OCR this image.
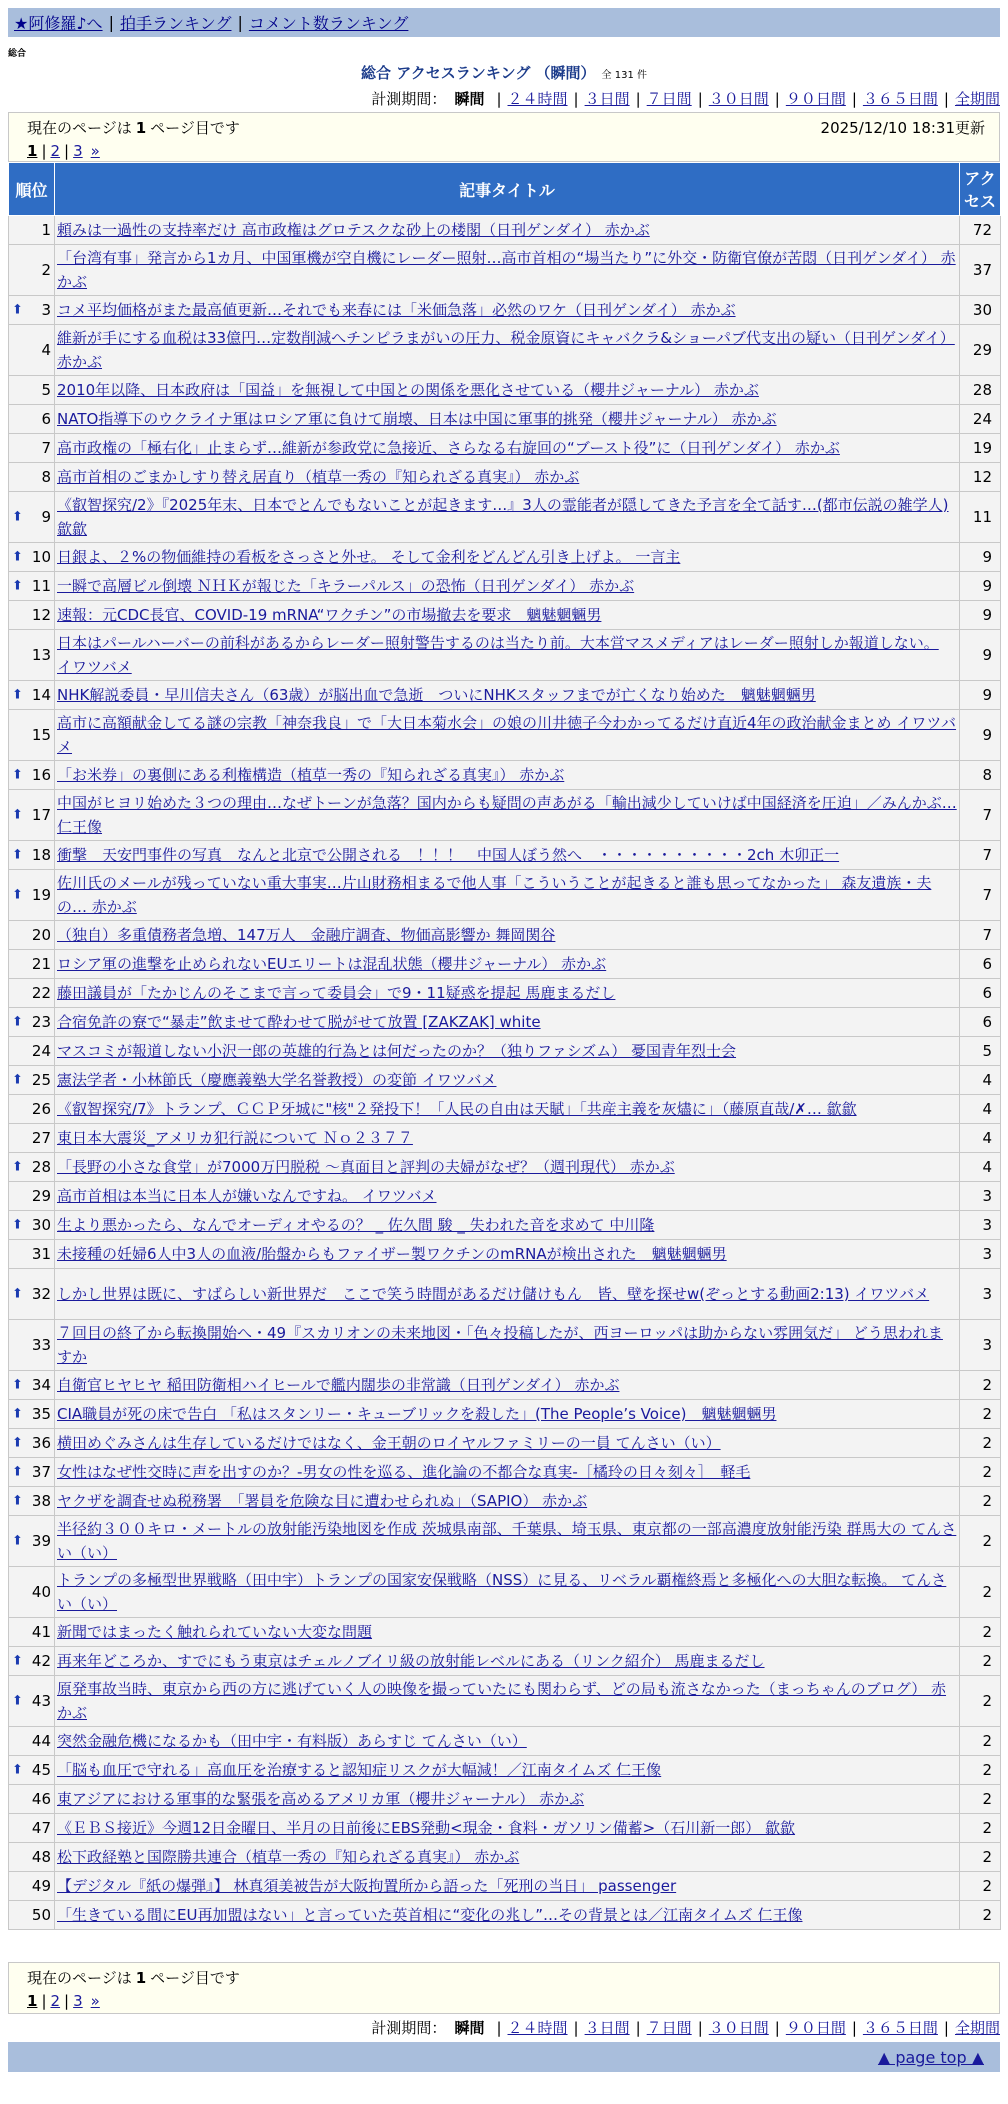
★阿修羅♪へ | 拍手ランキング | コメント数ランキング
総合
総合 アクセスランキング （瞬間） 全 131 件
計測期間： 瞬間 | ２４時間 | ３日間 | ７日間 | ３０日間 | ９０日間 | ３６５日間 | 全期間
現在のページは 1 ページ目です	2025/12/10 18:31更新
1 | 2 | 3 »
順位	記事タイトル	アクセス
1	頼みは一過性の支持率だけ 高市政権はグロテスクな砂上の楼閣（日刊ゲンダイ） 赤かぶ	72
2	「台湾有事」発言から1カ月、中国軍機が空自機にレーダー照射…高市首相の“場当たり”に外交・防衛官僚が苦悶（日刊ゲンダイ） 赤かぶ	37

⬆ 3	コメ平均価格がまた最高値更新…それでも来春には「米価急落」必然のワケ（日刊ゲンダイ） 赤かぶ	30
4	維新が手にする血税は33億円…定数削減へチンピラまがいの圧力、税金原資にキャバクラ&ショーパブ代支出の疑い（日刊ゲンダイ） 赤かぶ	29
5	2010年以降、日本政府は「国益」を無視して中国との関係を悪化させている（櫻井ジャーナル） 赤かぶ	28
6	NATO指導下のウクライナ軍はロシア軍に負けて崩壊、日本は中国に軍事的挑発（櫻井ジャーナル） 赤かぶ	24
7	高市政権の「極右化」止まらず…維新が参政党に急接近、さらなる右旋回の“ブースト役”に（日刊ゲンダイ） 赤かぶ	19
8	高市首相のごまかしすり替え居直り（植草一秀の『知られざる真実』） 赤かぶ	12

⬆ 9	《叡智探究/2》『2025年末、日本でとんでもないことが起きます…』3人の霊能者が隠してきた予言を全て話す…(都市伝説の雑学人) 歙歙	11

⬆ 10	日銀よ、２%の物価維持の看板をさっさと外せ。 そして金利をどんどん引き上げよ。 一言主	9

⬆ 11	一瞬で高層ビル倒壊 ＮＨＫが報じた「キラーパルス」の恐怖（日刊ゲンダイ） 赤かぶ	9
12	速報：元CDC長官、COVID-19 mRNA“ワクチン”の市場撤去を要求　魑魅魍魎男	9
13	日本はパールハーバーの前科があるからレーダー照射警告するのは当たり前。大本営マスメディアはレーダー照射しか報道しない。 イワツバメ	9

⬆ 14	NHK解説委員・早川信夫さん（63歳）が脳出血で急逝　ついにNHKスタッフまでが亡くなり始めた　魑魅魍魎男	9
15	高市に高額献金してる謎の宗教「神奈我良」で「大日本菊水会」の娘の川井徳子今わかってるだけ直近4年の政治献金まとめ イワツバメ	9

⬆ 16	「お米券」の裏側にある利権構造（植草一秀の『知られざる真実』） 赤かぶ	8

⬆ 17	中国がヒヨリ始めた３つの理由…なぜトーンが急落？国内からも疑問の声あがる「輸出減少していけば中国経済を圧迫」／みんかぶ… 仁王像	7

⬆ 18	衝撃　天安門事件の写真　なんと北京で公開される　！！！　中国人ぼう然へ　・・・・・・・・・・2ch 木卯正一	7

⬆ 19	佐川氏のメールが残っていない重大事実…片山財務相まるで他人事「こういうことが起きると誰も思ってなかった」 森友遺族・夫の… 赤かぶ	7
20	（独自）多重債務者急増、147万人　金融庁調査、物価高影響か 舞岡関谷	7
21	ロシア軍の進撃を止められないEUエリートは混乱状態（櫻井ジャーナル） 赤かぶ	6
22	藤田議員が「たかじんのそこまで言って委員会」で9・11疑惑を提起 馬鹿まるだし	6

⬆ 23	合宿免許の寮で“暴走”飲ませて酔わせて脱がせて放置 [ZAKZAK] white	6
24	マスコミが報道しない小沢一郎の英雄的行為とは何だったのか？（独りファシズム） 憂国青年烈士会	5

⬆ 25	憲法学者・小林節氏（慶應義塾大学名誉教授）の変節 イワツバメ	4
26	《叡智探究/7》トランプ、ＣＣＰ牙城に"核"２発投下！「人民の自由は天賦」「共産主義を灰燼に」（藤原直哉/✗… 歙歙	4
27	東日本大震災_アメリカ犯行説について Ｎｏ２３７７	4

⬆ 28	「長野の小さな食堂」が7000万円脱税 〜真面目と評判の夫婦がなぜ？（週刊現代） 赤かぶ	4
29	高市首相は本当に日本人が嫌いなんですね。 イワツバメ	3

⬆ 30	生より悪かったら、なんでオーディオやるの？ _ 佐久間 駿 _ 失われた音を求めて 中川隆	3
31	未接種の妊婦6人中3人の血液/胎盤からもファイザー製ワクチンのmRNAが検出された　魑魅魍魎男	3

⬆ 32	しかし世界は既に、すばらしい新世界だ　ここで笑う時間があるだけ儲けもん　皆、壁を探せw(ぞっとする動画2:13) イワツバメ	3
33	７回目の終了から転換開始へ・49『スカリオンの未来地図・「色々投稿したが、西ヨーロッパは助からない雰囲気だ」 どう思われますか	3

⬆ 34	自衛官ヒヤヒヤ 稲田防衛相ハイヒールで艦内闊歩の非常識（日刊ゲンダイ） 赤かぶ	2

⬆ 35	CIA職員が死の床で告白 「私はスタンリー・キューブリックを殺した」(The People’s Voice)　魑魅魍魎男	2

⬆ 36	横田めぐみさんは生存しているだけではなく、金王朝のロイヤルファミリーの一員 てんさい（い）	2

⬆ 37	女性はなぜ性交時に声を出すのか？-男女の性を巡る、進化論の不都合な真実-［橘玲の日々刻々］　軽毛	2

⬆ 38	ヤクザを調査せぬ税務署　「署員を危険な目に遭わせられぬ」（SAPIO） 赤かぶ	2

⬆ 39	半径約３００キロ・メートルの放射能汚染地図を作成 茨城県南部、千葉県、埼玉県、東京都の一部高濃度放射能汚染 群馬大の てんさい（い）	2
40	トランプの多極型世界戦略（田中宇）トランプの国家安保戦略（NSS）に見る、リベラル覇権終焉と多極化への大胆な転換。 てんさい（い）	2
41	新聞ではまったく触れられていない大変な問題	2

⬆ 42	再来年どころか、すでにもう東京はチェルノブイリ級の放射能レベルにある（リンク紹介） 馬鹿まるだし	2

⬆ 43	原発事故当時、東京から西の方に逃げていく人の映像を撮っていたにも関わらず、どの局も流さなかった（まっちゃんのブログ） 赤かぶ	2
44	突然金融危機になるかも（田中宇・有料版）あらすじ てんさい（い）	2

⬆ 45	「脳も血圧で守れる」高血圧を治療すると認知症リスクが大幅減！／江南タイムズ 仁王像	2
46	東アジアにおける軍事的な緊張を高めるアメリカ軍（櫻井ジャーナル） 赤かぶ	2
47	《ＥＢＳ接近》今週12日金曜日、半月の日前後にEBS発動<現金・食料・ガソリン備蓄>（石川新一郎） 歙歙	2
48	松下政経塾と国際勝共連合（植草一秀の『知られざる真実』） 赤かぶ	2
49	【デジタル『紙の爆弾』】 林真須美被告が大阪拘置所から語った「死刑の当日」 passenger	2
50	「生きている間にEU再加盟はない」と言っていた英首相に“変化の兆し”…その背景とは／江南タイムズ 仁王像	2
現在のページは 1 ページ目です
1 | 2 | 3 »
計測期間： 瞬間 | ２４時間 | ３日間 | ７日間 | ３０日間 | ９０日間 | ３６５日間 | 全期間
▲ page top ▲
